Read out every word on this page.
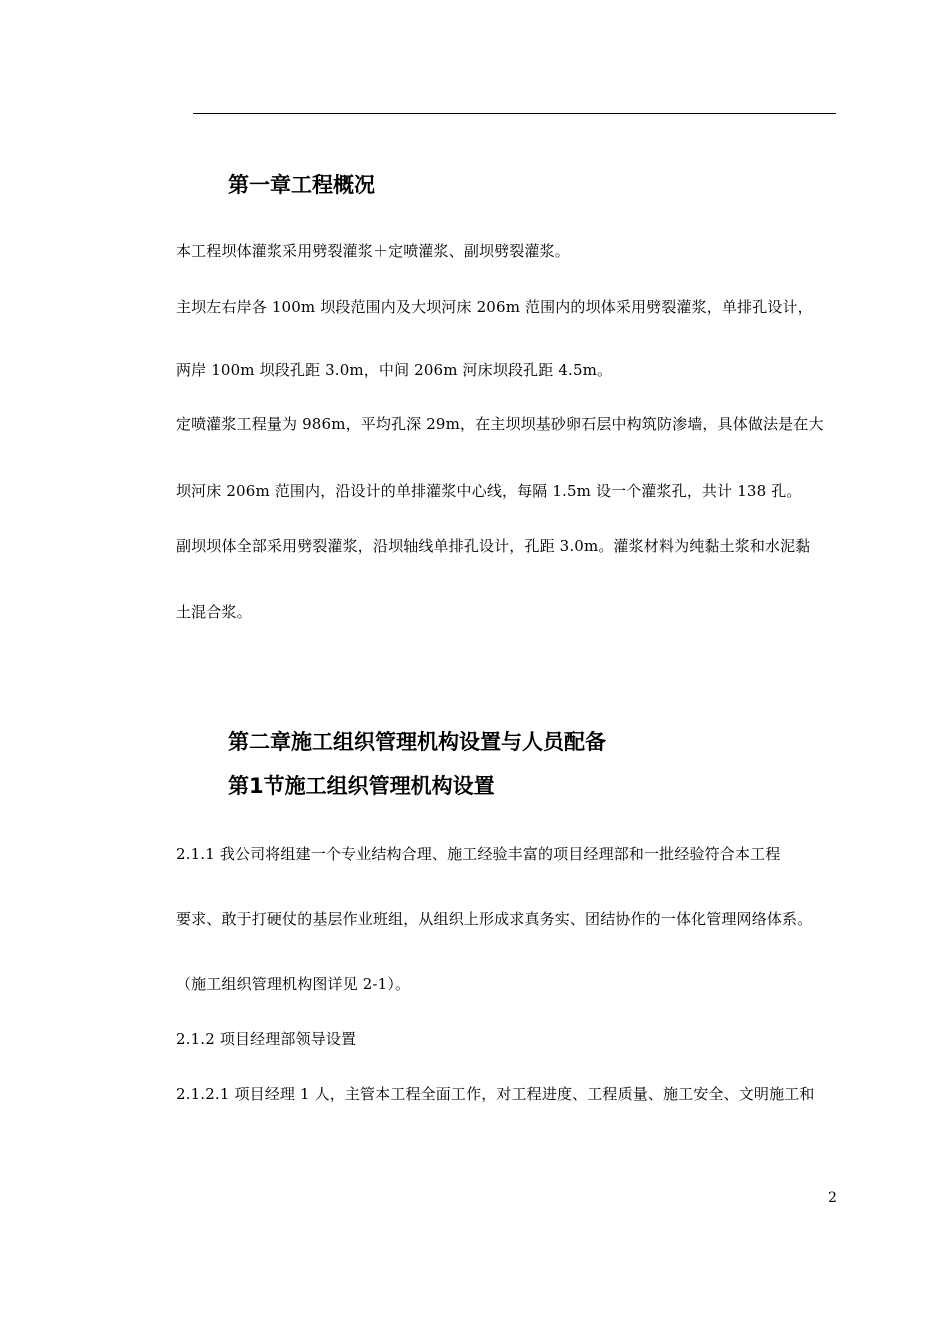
第一章工程概况
本工程坝体灌浆采用劈裂灌浆＋定喷灌浆、副坝劈裂灌浆。
主坝左右岸各 100m 坝段范围内及大坝河床 206m 范围内的坝体采用劈裂灌浆，单排孔设计，
两岸 100m 坝段孔距 3.0m，中间 206m 河床坝段孔距 4.5m。
定喷灌浆工程量为 986m，平均孔深 29m，在主坝坝基砂卵石层中构筑防渗墙，具体做法是在大
坝河床 206m 范围内，沿设计的单排灌浆中心线，每隔 1.5m 设一个灌浆孔，共计 138 孔。
副坝坝体全部采用劈裂灌浆，沿坝轴线单排孔设计，孔距 3.0m。灌浆材料为纯黏土浆和水泥黏
土混合浆。
第二章施工组织管理机构设置与人员配备
第1节施工组织管理机构设置
2.1.1 我公司将组建一个专业结构合理、施工经验丰富的项目经理部和一批经验符合本工程
要求、敢于打硬仗的基层作业班组，从组织上形成求真务实、团结协作的一体化管理网络体系。
（施工组织管理机构图详见 2-1）。
2.1.2 项目经理部领导设置
2.1.2.1 项目经理 1 人，主管本工程全面工作，对工程进度、工程质量、施工安全、文明施工和
2
